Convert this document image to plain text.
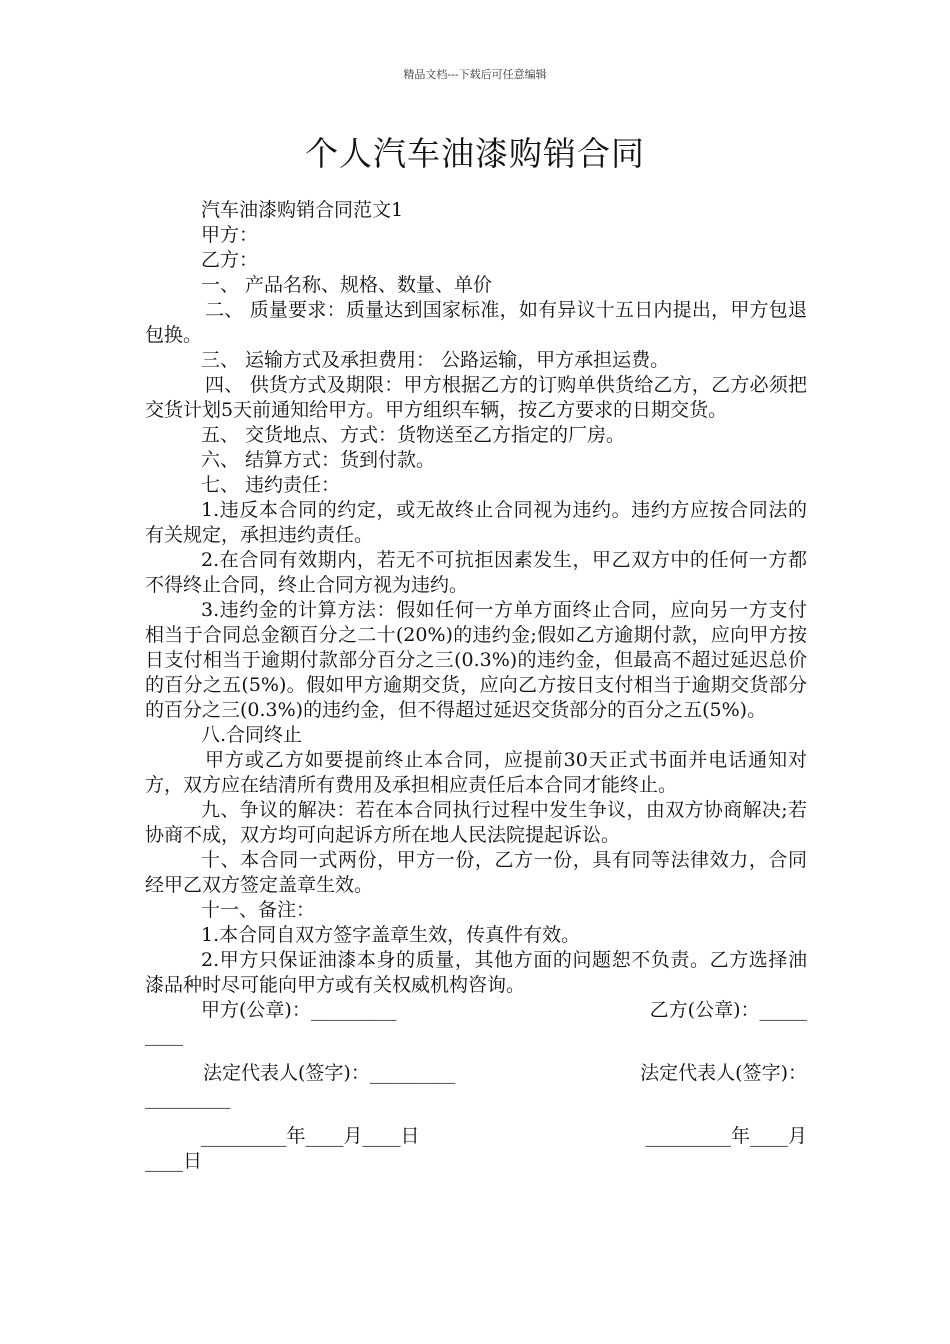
精品文档---下载后可任意编辑
个人汽车油漆购销合同

汽车油漆购销合同范文1

甲方：

乙方：

一、 产品名称、规格、数量、单价

二、 质量要求：质量达到国家标准，如有异议十五日内提出，甲方包退包换。

三、 运输方式及承担费用： 公路运输，甲方承担运费。

四、 供货方式及期限：甲方根据乙方的订购单供货给乙方，乙方必须把交货计划5天前通知给甲方。甲方组织车辆，按乙方要求的日期交货。

五、 交货地点、方式：货物送至乙方指定的厂房。

六、 结算方式：货到付款。

七、 违约责任：

1.违反本合同的约定，或无故终止合同视为违约。违约方应按合同法的有关规定，承担违约责任。

2.在合同有效期内，若无不可抗拒因素发生，甲乙双方中的任何一方都不得终止合同，终止合同方视为违约。

3.违约金的计算方法：假如任何一方单方面终止合同，应向另一方支付相当于合同总金额百分之二十(20%)的违约金;假如乙方逾期付款，应向甲方按日支付相当于逾期付款部分百分之三(0.3%)的违约金，但最高不超过延迟总价的百分之五(5%)。假如甲方逾期交货，应向乙方按日支付相当于逾期交货部分的百分之三(0.3%)的违约金，但不得超过延迟交货部分的百分之五(5%)。

八.合同终止

甲方或乙方如要提前终止本合同，应提前30天正式书面并电话通知对方，双方应在结清所有费用及承担相应责任后本合同才能终止。

九、争议的解决：若在本合同执行过程中发生争议，由双方协商解决;若协商不成，双方均可向起诉方所在地人民法院提起诉讼。

十、本合同一式两份，甲方一份，乙方一份，具有同等法律效力，合同经甲乙双方签定盖章生效。

十一、备注：

1.本合同自双方签字盖章生效，传真件有效。

2.甲方只保证油漆本身的质量，其他方面的问题恕不负责。乙方选择油漆品种时尽可能向甲方或有关权威机构咨询。

甲方(公章)：_________	乙方(公章)：_____
____
法定代表人(签字)：_________	法定代表人(签字)：
_________
_________年____月____日	_________年____月
____日
